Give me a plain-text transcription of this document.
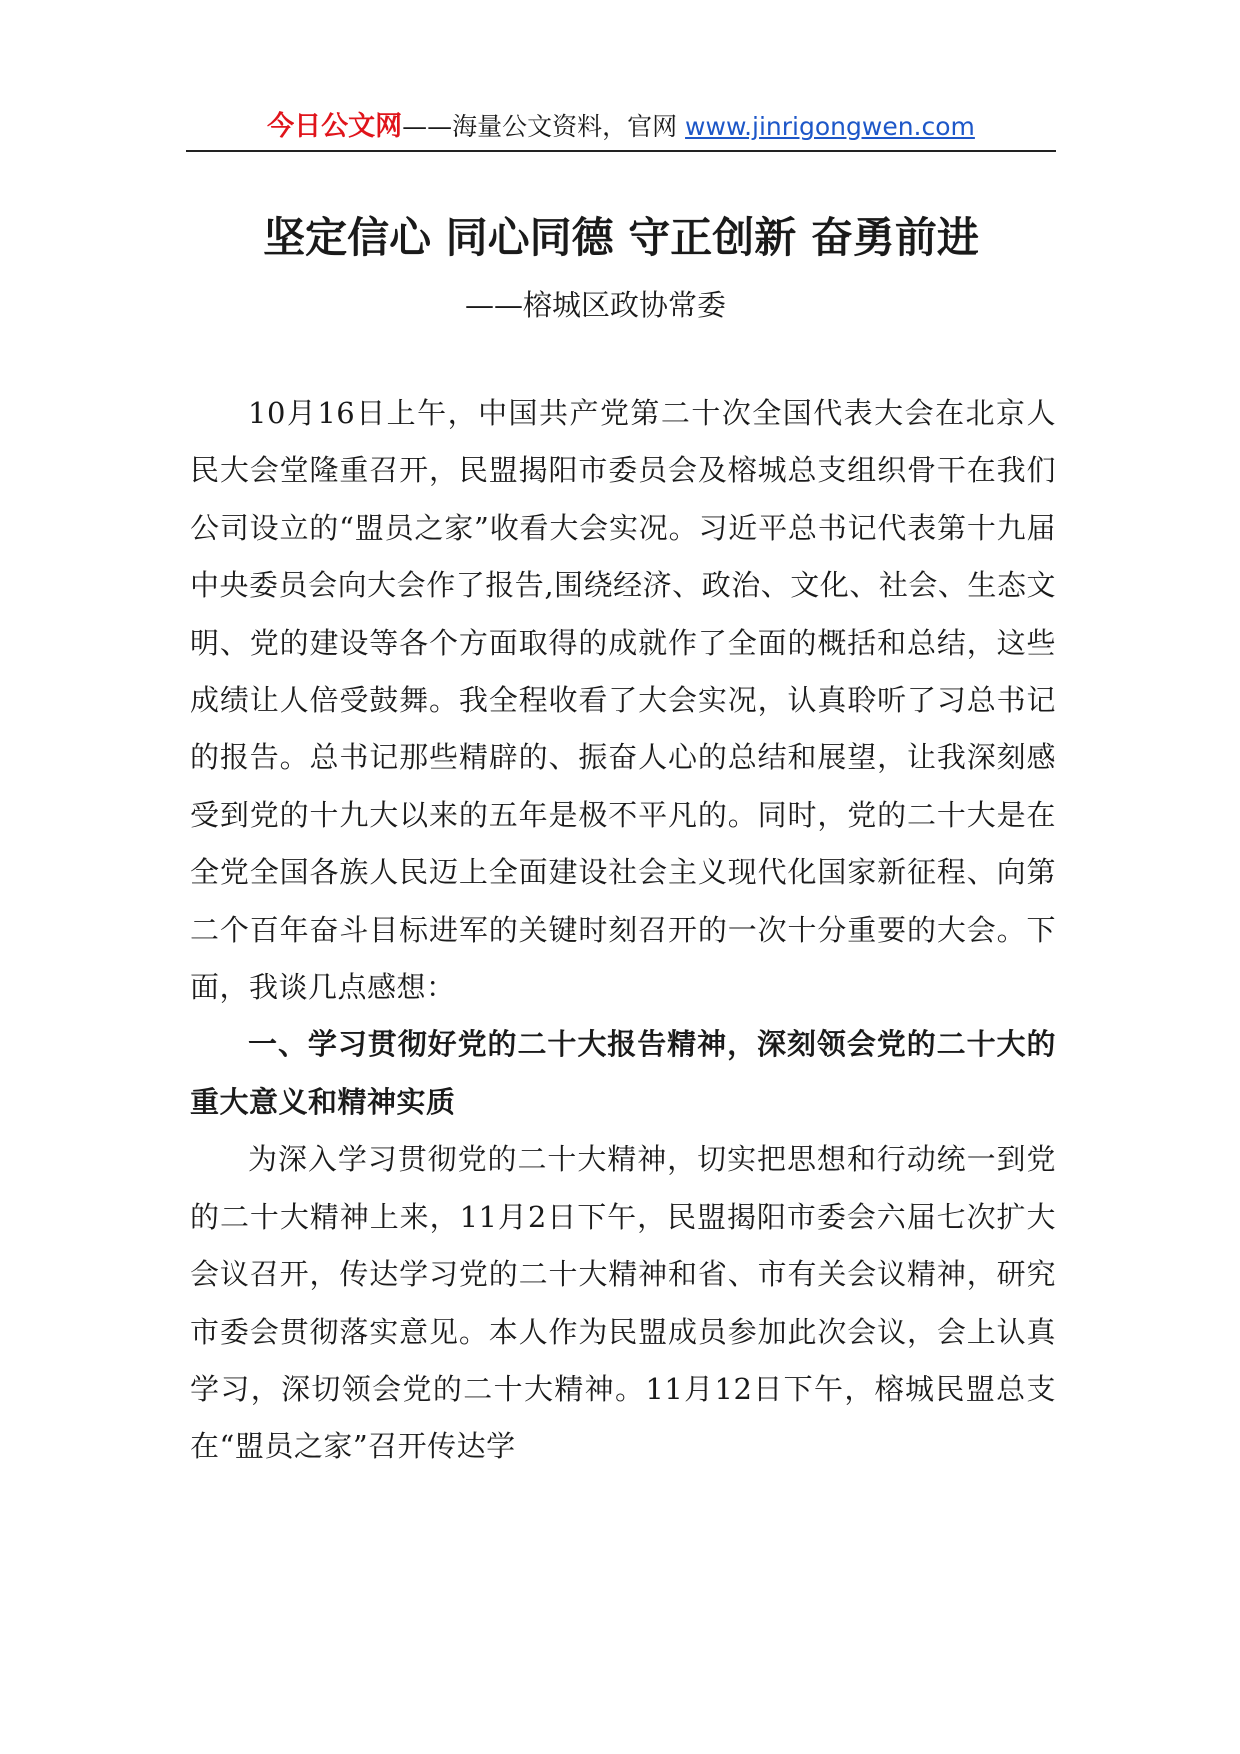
今日公文网——海量公文资料，官网 www.jinrigongwen.com
坚定信心 同心同德 守正创新 奋勇前进
——榕城区政协常委

10月16日上午，中国共产党第二十次全国代表大会在北京人民大会堂隆重召开，民盟揭阳市委员会及榕城总支组织骨干在我们公司设立的“盟员之家”收看大会实况。习近平总书记代表第十九届中央委员会向大会作了报告,围绕经济、政治、文化、社会、生态文明、党的建设等各个方面取得的成就作了全面的概括和总结，这些成绩让人倍受鼓舞。我全程收看了大会实况，认真聆听了习总书记的报告。总书记那些精辟的、振奋人心的总结和展望，让我深刻感受到党的十九大以来的五年是极不平凡的。同时，党的二十大是在全党全国各族人民迈上全面建设社会主义现代化国家新征程、向第二个百年奋斗目标进军的关键时刻召开的一次十分重要的大会。下面，我谈几点感想：

一、学习贯彻好党的二十大报告精神，深刻领会党的二十大的重大意义和精神实质

为深入学习贯彻党的二十大精神，切实把思想和行动统一到党的二十大精神上来，11月2日下午，民盟揭阳市委会六届七次扩大会议召开，传达学习党的二十大精神和省、市有关会议精神，研究市委会贯彻落实意见。本人作为民盟成员参加此次会议，会上认真学习，深切领会党的二十大精神。11月12日下午，榕城民盟总支在“盟员之家”召开传达学
